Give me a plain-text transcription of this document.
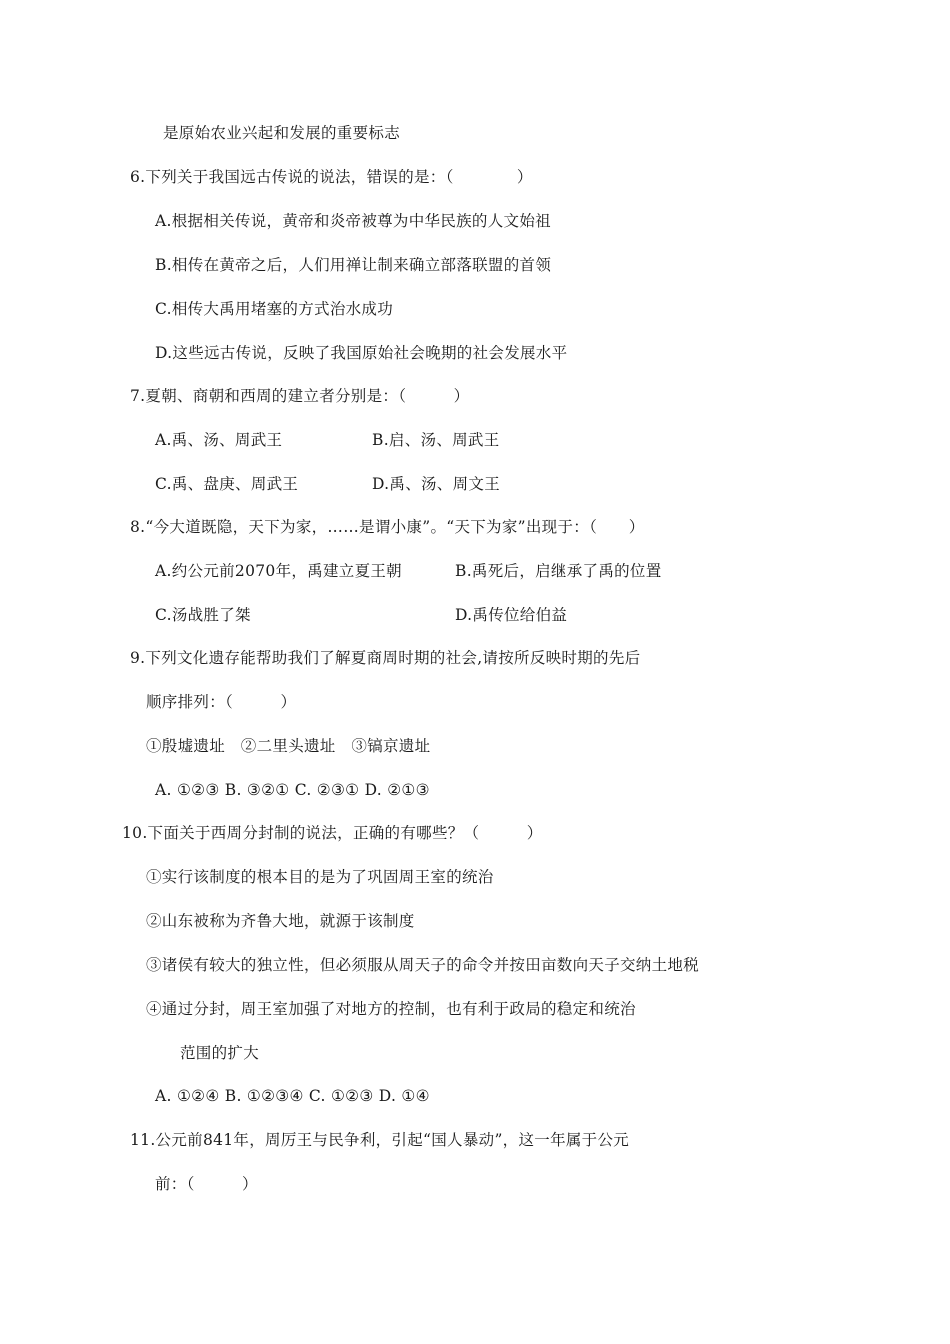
是原始农业兴起和发展的重要标志
6.下列关于我国远古传说的说法，错误的是：（　　　　）
A.根据相关传说，黄帝和炎帝被尊为中华民族的人文始祖
B.相传在黄帝之后，人们用禅让制来确立部落联盟的首领
C.相传大禹用堵塞的方式治水成功
D.这些远古传说，反映了我国原始社会晚期的社会发展水平
7.夏朝、商朝和西周的建立者分别是：（　　　）
A.禹、汤、周武王	B.启、汤、周武王
C.禹、盘庚、周武王	D.禹、汤、周文王
8.“今大道既隐，天下为家，……是谓小康”。“天下为家”出现于：（　　）
A.约公元前2070年，禹建立夏王朝	B.禹死后，启继承了禹的位置
C.汤战胜了桀	D.禹传位给伯益
9.下列文化遗存能帮助我们了解夏商周时期的社会,请按所反映时期的先后
顺序排列：（　　　）
①殷墟遗址　②二里头遗址　③镐京遗址
A. ①②③ B. ③②① C. ②③① D. ②①③
10.下面关于西周分封制的说法，正确的有哪些？（　　　）
①实行该制度的根本目的是为了巩固周王室的统治
②山东被称为齐鲁大地，就源于该制度
③诸侯有较大的独立性，但必须服从周天子的命令并按田亩数向天子交纳土地税
④通过分封，周王室加强了对地方的控制，也有利于政局的稳定和统治
范围的扩大
A. ①②④ B. ①②③④ C. ①②③ D. ①④
11.公元前841年，周厉王与民争利，引起“国人暴动”，这一年属于公元
前：（　　　）
